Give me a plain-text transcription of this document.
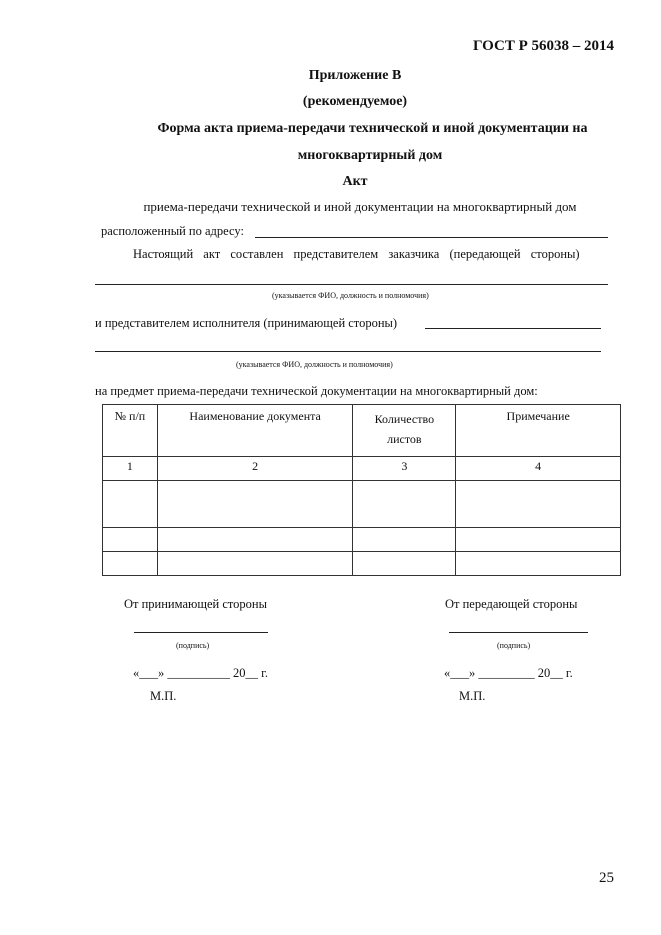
ГОСТ Р 56038 – 2014
Приложение В
(рекомендуемое)
Форма акта приема-передачи технической и иной документации на
многоквартирный дом
Акт
приема-передачи технической и иной документации на многоквартирный дом
расположенный по адресу:
Настоящий акт составлен представителем заказчика (передающей стороны)
(указывается ФИО, должность и полномочия)
и представителем исполнителя (принимающей стороны)
(указывается ФИО, должность и полномочия)
на предмет приема-передачи технической документации на многоквартирный дом:
№ п/п	Наименование документа	Количество листов	Примечание
1	2	3	4

От принимающей стороны
(подпись)
«___» __________ 20__ г.
М.П.
От передающей стороны
(подпись)
«___» _________ 20__ г.
М.П.
25
